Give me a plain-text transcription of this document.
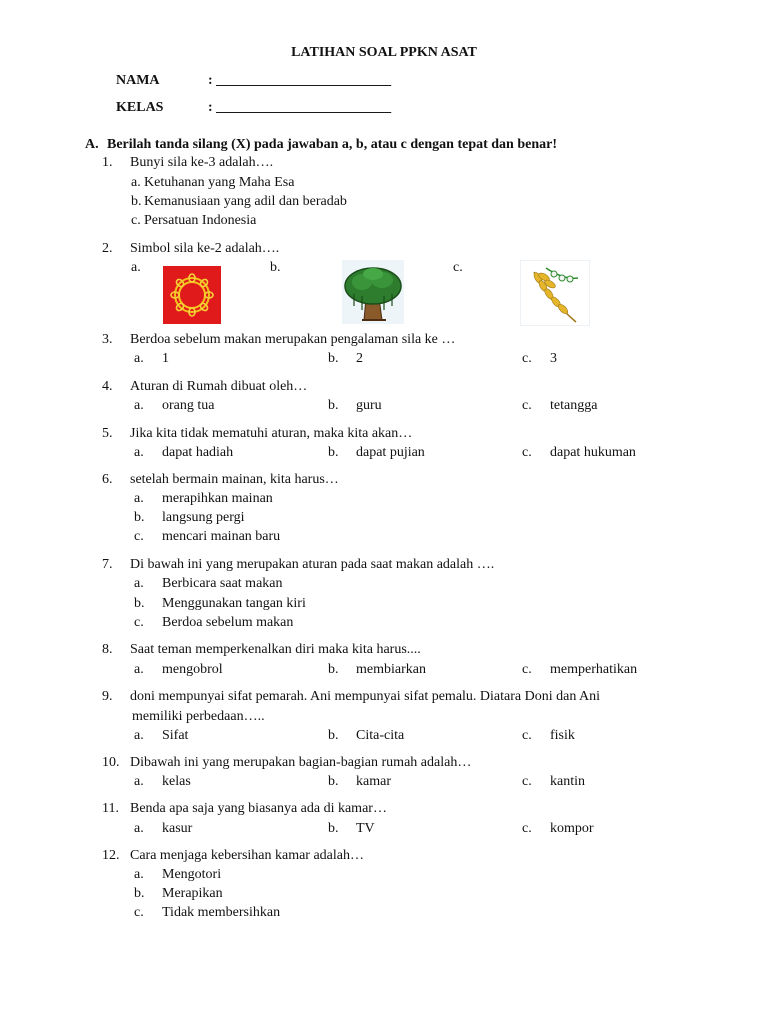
LATIHAN SOAL PPKN ASAT
NAMA	: _________________________
KELAS	: _________________________
A. Berilah tanda silang (X) pada jawaban a, b, atau c dengan tepat dan benar!
1. Bunyi sila ke-3 adalah….
a. Ketuhanan yang Maha Esa
b. Kemanusiaan yang adil dan beradab
c. Persatuan Indonesia
2. Simbol sila ke-2 adalah….
a.	b.	c.
3. Berdoa sebelum makan merupakan pengalaman sila ke …
a. 1	b. 2	c. 3
4. Aturan di Rumah dibuat oleh…
a. orang tua	b. guru	c. tetangga
5. Jika kita tidak mematuhi aturan, maka kita akan…
a. dapat hadiah	b. dapat pujian	c. dapat hukuman
6. setelah bermain mainan, kita harus…
a. merapihkan mainan
b. langsung pergi
c. mencari mainan baru
7. Di bawah ini yang merupakan aturan pada saat makan adalah ….
a. Berbicara saat makan
b. Menggunakan tangan kiri
c. Berdoa sebelum makan
8. Saat teman memperkenalkan diri maka kita harus....
a. mengobrol	b. membiarkan	c. memperhatikan
9. doni mempunyai sifat pemarah. Ani mempunyai sifat pemalu. Diatara Doni dan Ani
memiliki perbedaan…..
a. Sifat	b. Cita-cita	c. fisik
10. Dibawah ini yang merupakan bagian-bagian rumah adalah…
a. kelas	b. kamar	c. kantin
11. Benda apa saja yang biasanya ada di kamar…
a. kasur	b. TV	c. kompor
12. Cara menjaga kebersihan kamar adalah…
a. Mengotori
b. Merapikan
c. Tidak membersihkan
